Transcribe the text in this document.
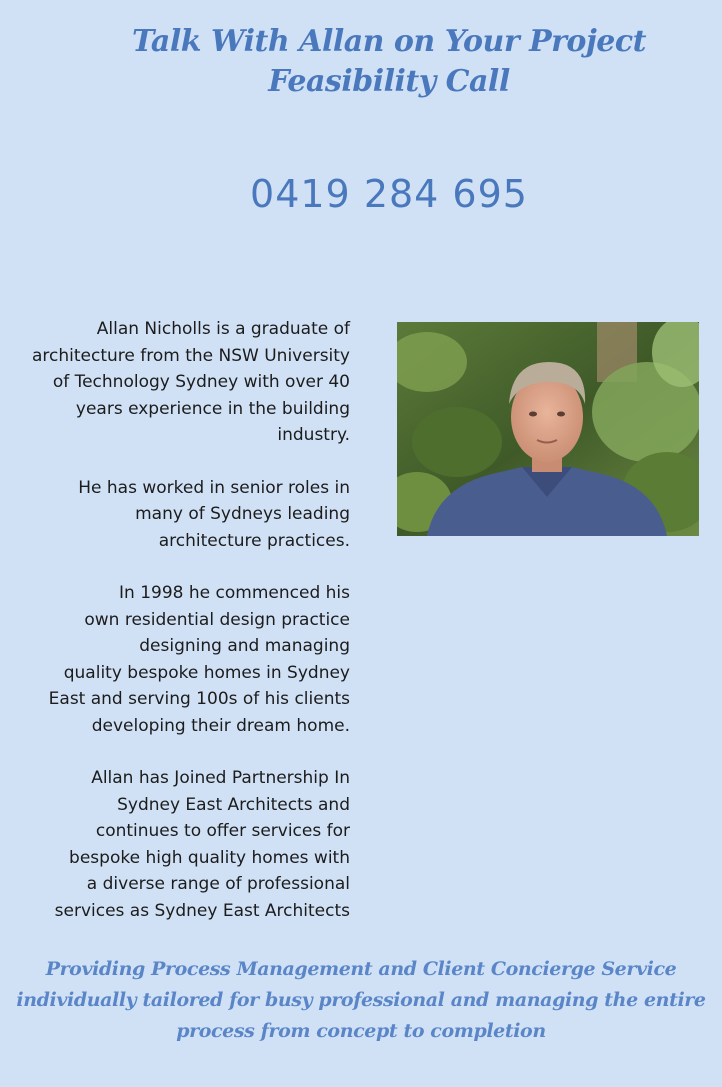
Talk With Allan on Your Project
Feasibility Call
0419 284 695

Allan Nicholls is a graduate of
architecture from the NSW University
of Technology Sydney with over 40
years experience in the building
industry.

He has worked in senior roles in
many of Sydneys leading
architecture practices.

In 1998 he commenced his
own residential design practice
designing and managing
quality bespoke homes in Sydney
East and serving 100s of his clients
developing their dream home.

Allan has Joined Partnership In
Sydney East Architects and
continues to offer services for
bespoke high quality homes with
a diverse range of professional
services as Sydney East Architects

Providing Process Management and Client Concierge Service
individually tailored for busy professional and managing the entire
process from concept to completion
